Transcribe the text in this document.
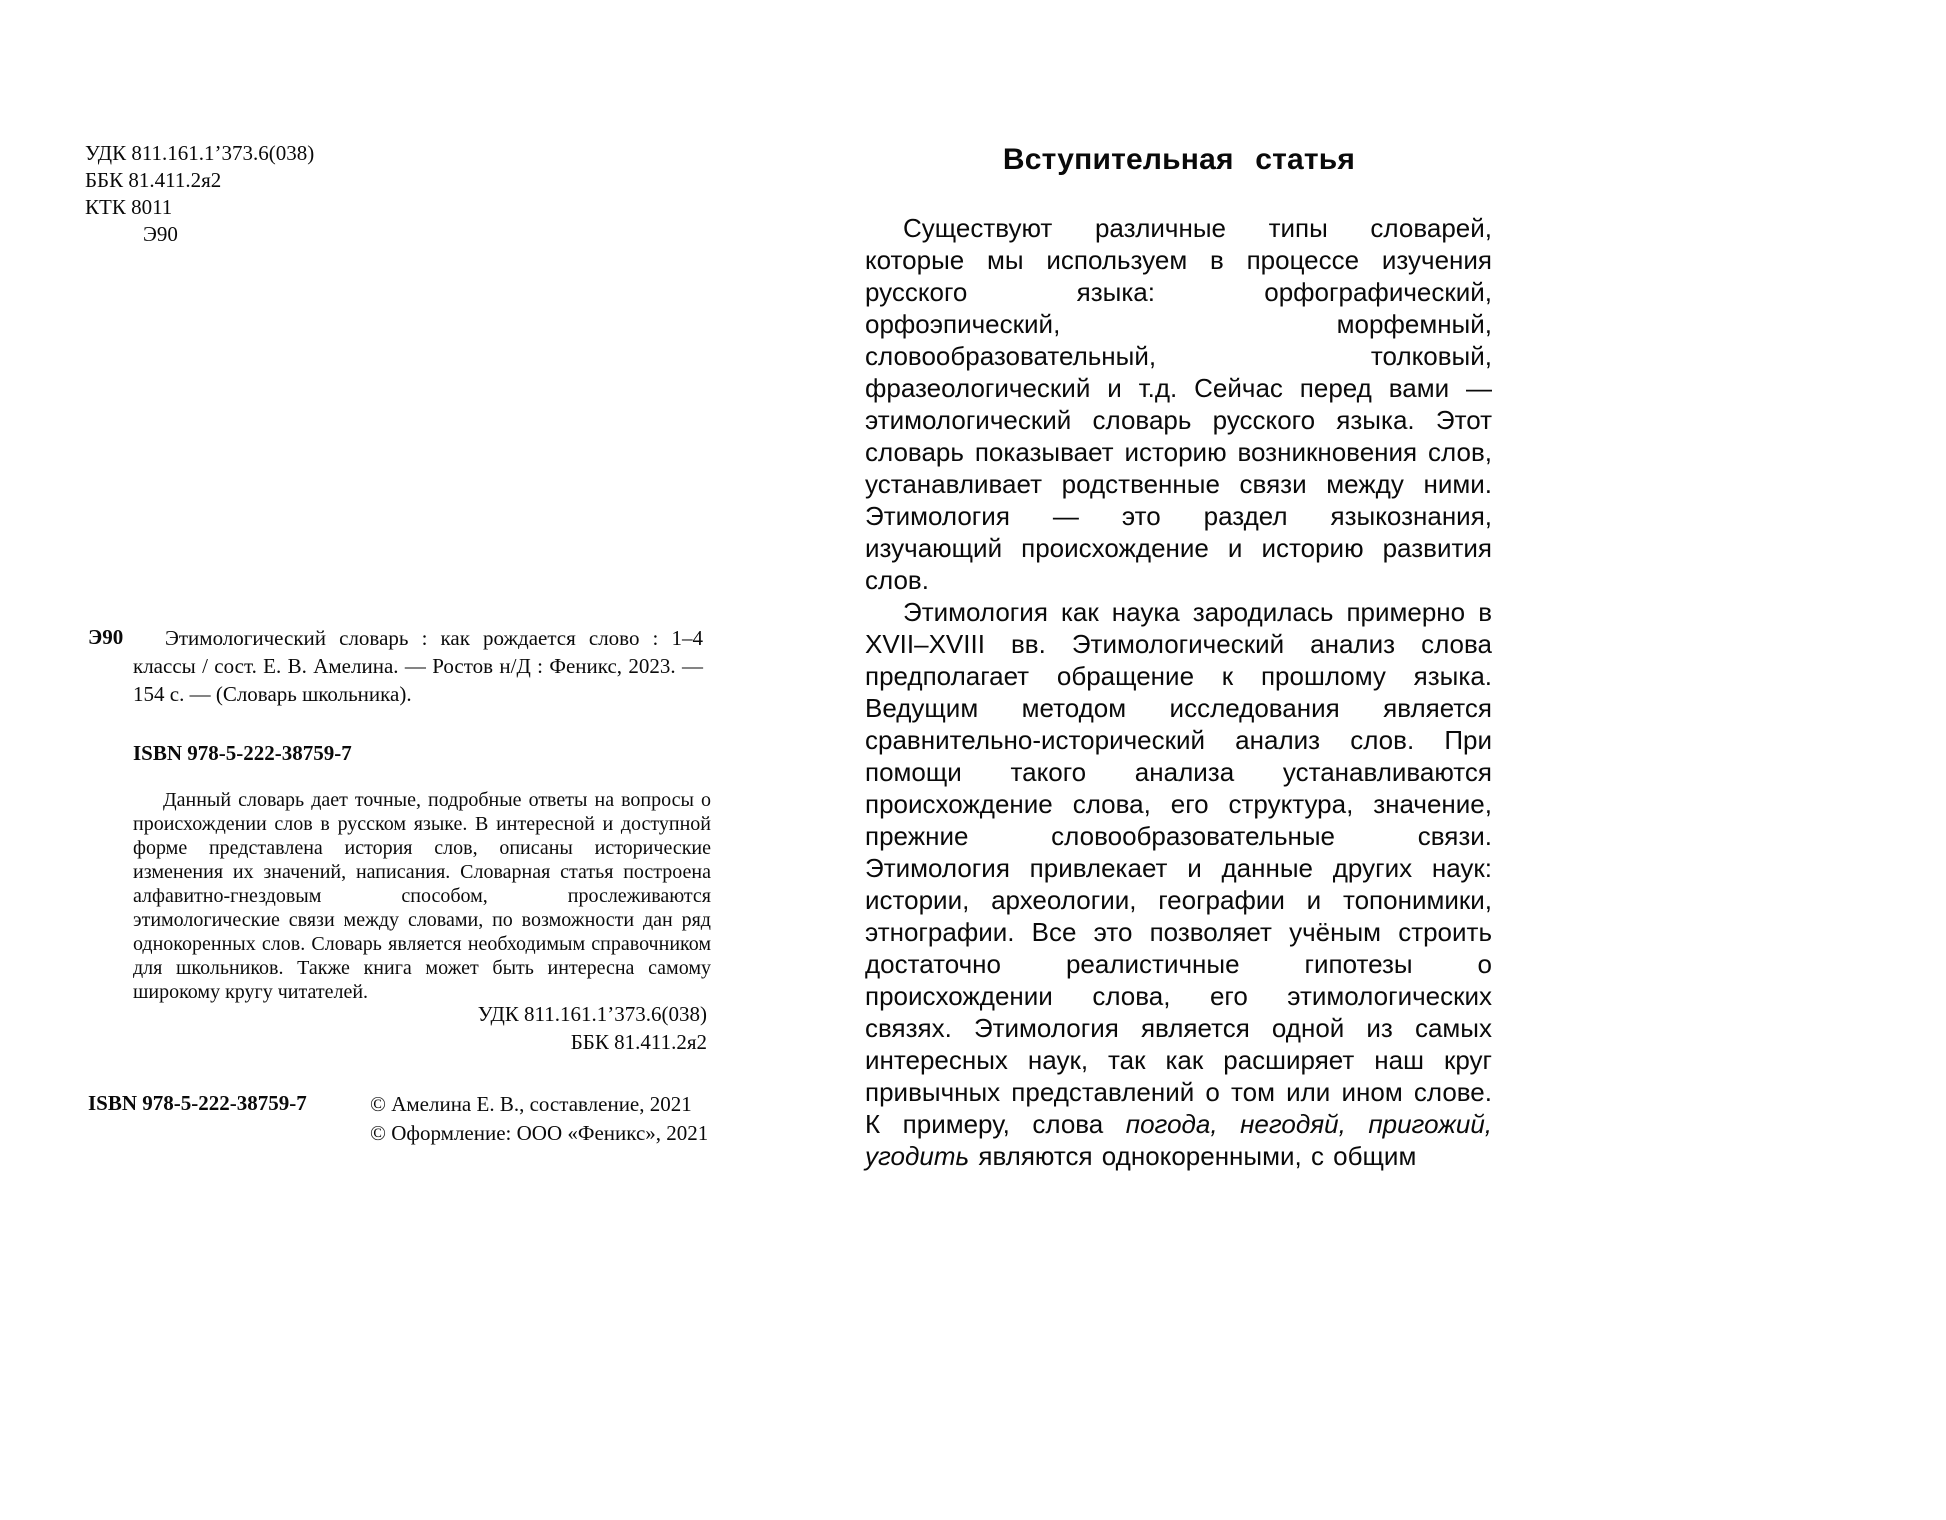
УДК 811.161.1’373.6(038)
ББК 81.411.2я2
КТК 8011
Э90
Э90	Этимологический словарь : как рождается слово : 1–4 классы / сост. Е. В. Амелина. — Ростов н/Д : Феникс, 2023. — 154 с. — (Словарь школьника).
ISBN 978-5-222-38759-7
Данный словарь дает точные, подробные ответы на вопросы о происхождении слов в русском языке. В интересной и доступной форме представлена история слов, описаны исторические изменения их значений, написания. Словарная статья построена алфавитно-гнездовым способом, прослеживаются этимологические связи между словами, по возможности дан ряд однокоренных слов. Словарь является необходимым справочником для школьников. Также книга может быть интересна самому широкому кругу читателей.
УДК 811.161.1’373.6(038)
ББК 81.411.2я2
ISBN 978-5-222-38759-7	© Амелина Е. В., составление, 2021
© Оформление: ООО «Феникс», 2021
Вступительная статья

Существуют различные типы словарей, которые мы используем в процессе изучения русского языка: орфографический, орфоэпический, морфемный, словообразовательный, толковый, фразеологический и т.д. Сейчас перед вами — этимологический словарь русского языка. Этот словарь показывает историю возникновения слов, устанавливает родственные связи между ними. Этимология — это раздел языкознания, изучающий происхождение и историю развития слов.

Этимология как наука зародилась примерно в XVII–XVIII вв. Этимологический анализ слова предполагает обращение к прошлому языка. Ведущим методом исследования является сравнительно-исторический анализ слов. При помощи такого анализа устанавливаются происхождение слова, его структура, значение, прежние словообразовательные связи. Этимология привлекает и данные других наук: истории, археологии, географии и топонимики, этнографии. Все это позволяет учёным строить достаточно реалистичные гипотезы о происхождении слова, его этимологических связях. Этимология является одной из самых интересных наук, так как расширяет наш круг привычных представлений о том или ином слове. К примеру, слова погода, негодяй, пригожий, угодить являются однокоренными, с общим
